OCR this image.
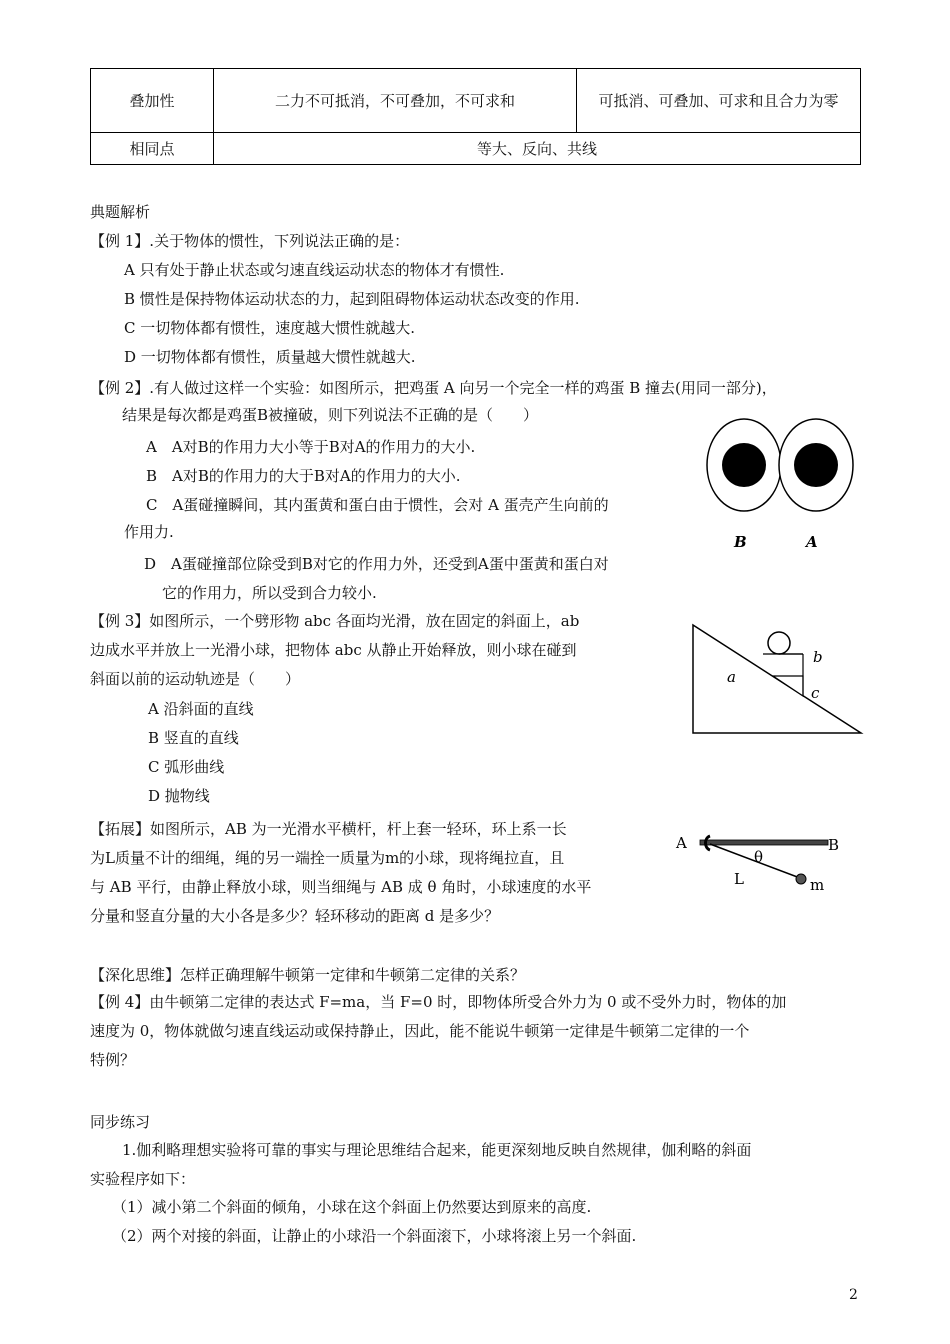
叠加性	二力不可抵消，不可叠加，不可求和	可抵消、可叠加、可求和且合力为零
相同点	等大、反向、共线	
典题解析
【例 1】.关于物体的惯性，下列说法正确的是：
A 只有处于静止状态或匀速直线运动状态的物体才有惯性.
B 惯性是保持物体运动状态的力，起到阻碍物体运动状态改变的作用.
C 一切物体都有惯性，速度越大惯性就越大.
D 一切物体都有惯性，质量越大惯性就越大.
【例 2】.有人做过这样一个实验：如图所示，把鸡蛋 A 向另一个完全一样的鸡蛋 B 撞去(用同一部分)，
结果是每次都是鸡蛋B被撞破，则下列说法不正确的是（　　）
A　A对B的作用力大小等于B对A的作用力的大小.
B　A对B的作用力的大于B对A的作用力的大小.
C　A蛋碰撞瞬间，其内蛋黄和蛋白由于惯性，会对 A 蛋壳产生向前的
作用力.
D　A蛋碰撞部位除受到B对它的作用力外，还受到A蛋中蛋黄和蛋白对
它的作用力，所以受到合力较小.
B	A
【例 3】如图所示，一个劈形物 abc 各面均光滑，放在固定的斜面上，ab
边成水平并放上一光滑小球，把物体 abc 从静止开始释放，则小球在碰到
斜面以前的运动轨迹是（　　）
A 沿斜面的直线
B 竖直的直线
C 弧形曲线
D 抛物线
a
b
c
【拓展】如图所示，AB 为一光滑水平横杆，杆上套一轻环，环上系一长
为L质量不计的细绳，绳的另一端拴一质量为m的小球，现将绳拉直，且
与 AB 平行，由静止释放小球，则当细绳与 AB 成 θ 角时，小球速度的水平
分量和竖直分量的大小各是多少？轻环移动的距离 d 是多少？
A	B
θ
L	m
【深化思维】怎样正确理解牛顿第一定律和牛顿第二定律的关系？
【例 4】由牛顿第二定律的表达式 F=ma，当 F=0 时，即物体所受合外力为 0 或不受外力时，物体的加
速度为 0，物体就做匀速直线运动或保持静止，因此，能不能说牛顿第一定律是牛顿第二定律的一个
特例？
同步练习
1.伽利略理想实验将可靠的事实与理论思维结合起来，能更深刻地反映自然规律，伽利略的斜面
实验程序如下：
（1）减小第二个斜面的倾角，小球在这个斜面上仍然要达到原来的高度.
（2）两个对接的斜面，让静止的小球沿一个斜面滚下，小球将滚上另一个斜面.
2
